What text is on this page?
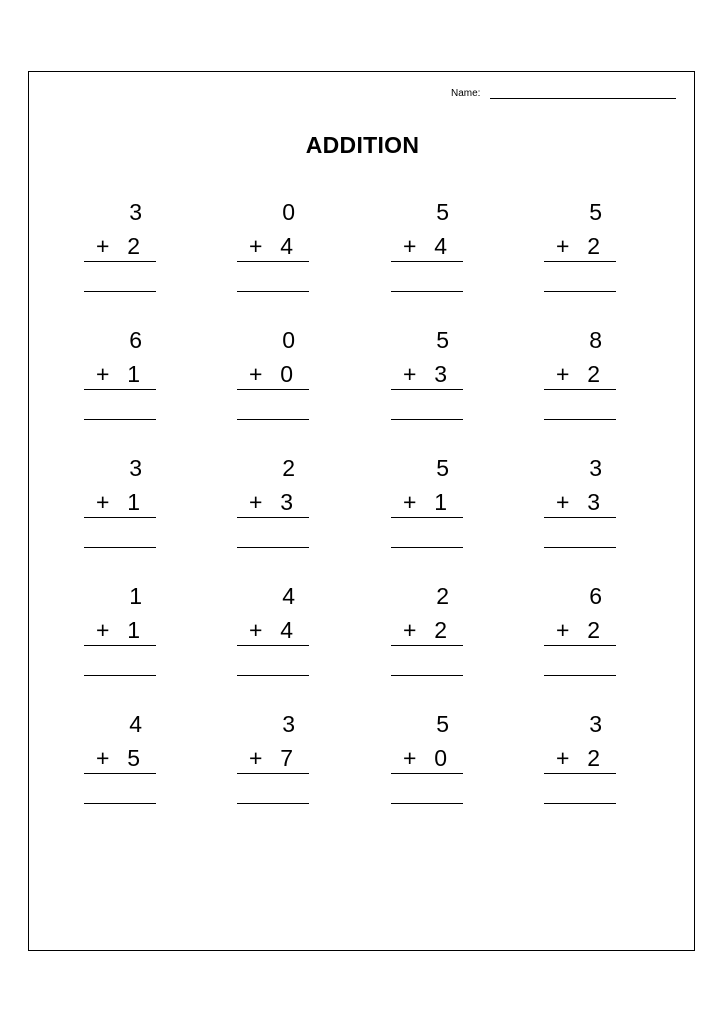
Name:
ADDITION
3
+ 2
0
+ 4
5
+ 4
5
+ 2
6
+ 1
0
+ 0
5
+ 3
8
+ 2
3
+ 1
2
+ 3
5
+ 1
3
+ 3
1
+ 1
4
+ 4
2
+ 2
6
+ 2
4
+ 5
3
+ 7
5
+ 0
3
+ 2
